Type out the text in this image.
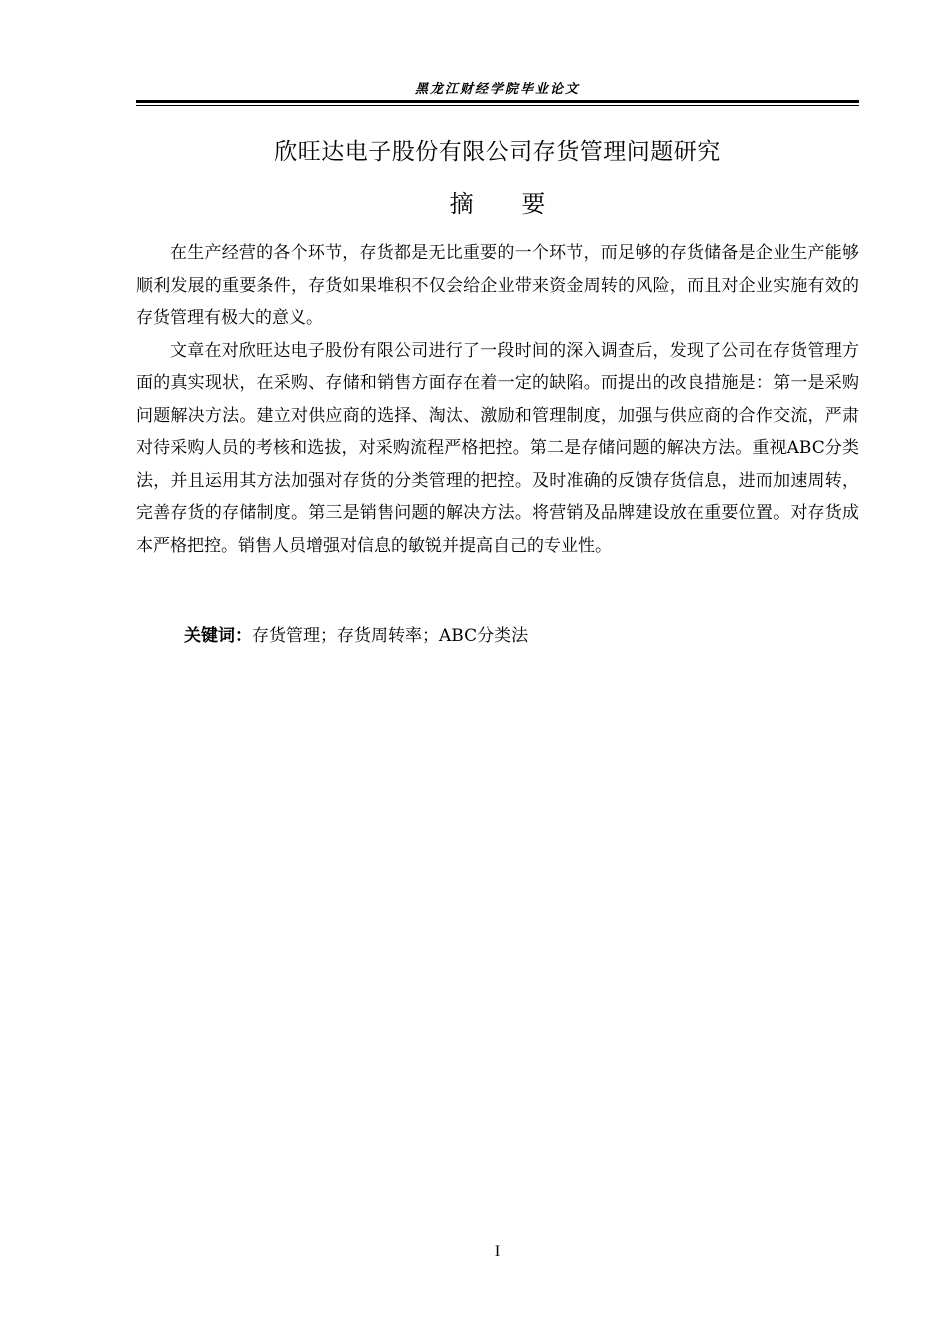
黑龙江财经学院毕业论文
欣旺达电子股份有限公司存货管理问题研究
摘 要

在生产经营的各个环节，存货都是无比重要的一个环节，而足够的存货储备是企业生产能够顺利发展的重要条件，存货如果堆积不仅会给企业带来资金周转的风险，而且对企业实施有效的存货管理有极大的意义。

文章在对欣旺达电子股份有限公司进行了一段时间的深入调查后，发现了公司在存货管理方面的真实现状，在采购、存储和销售方面存在着一定的缺陷。而提出的改良措施是：第一是采购问题解决方法。建立对供应商的选择、淘汰、激励和管理制度，加强与供应商的合作交流，严肃对待采购人员的考核和选拔，对采购流程严格把控。第二是存储问题的解决方法。重视ABC分类法，并且运用其方法加强对存货的分类管理的把控。及时准确的反馈存货信息，进而加速周转，完善存货的存储制度。第三是销售问题的解决方法。将营销及品牌建设放在重要位置。对存货成本严格把控。销售人员增强对信息的敏锐并提高自己的专业性。

关键词：存货管理；存货周转率；ABC分类法
I
